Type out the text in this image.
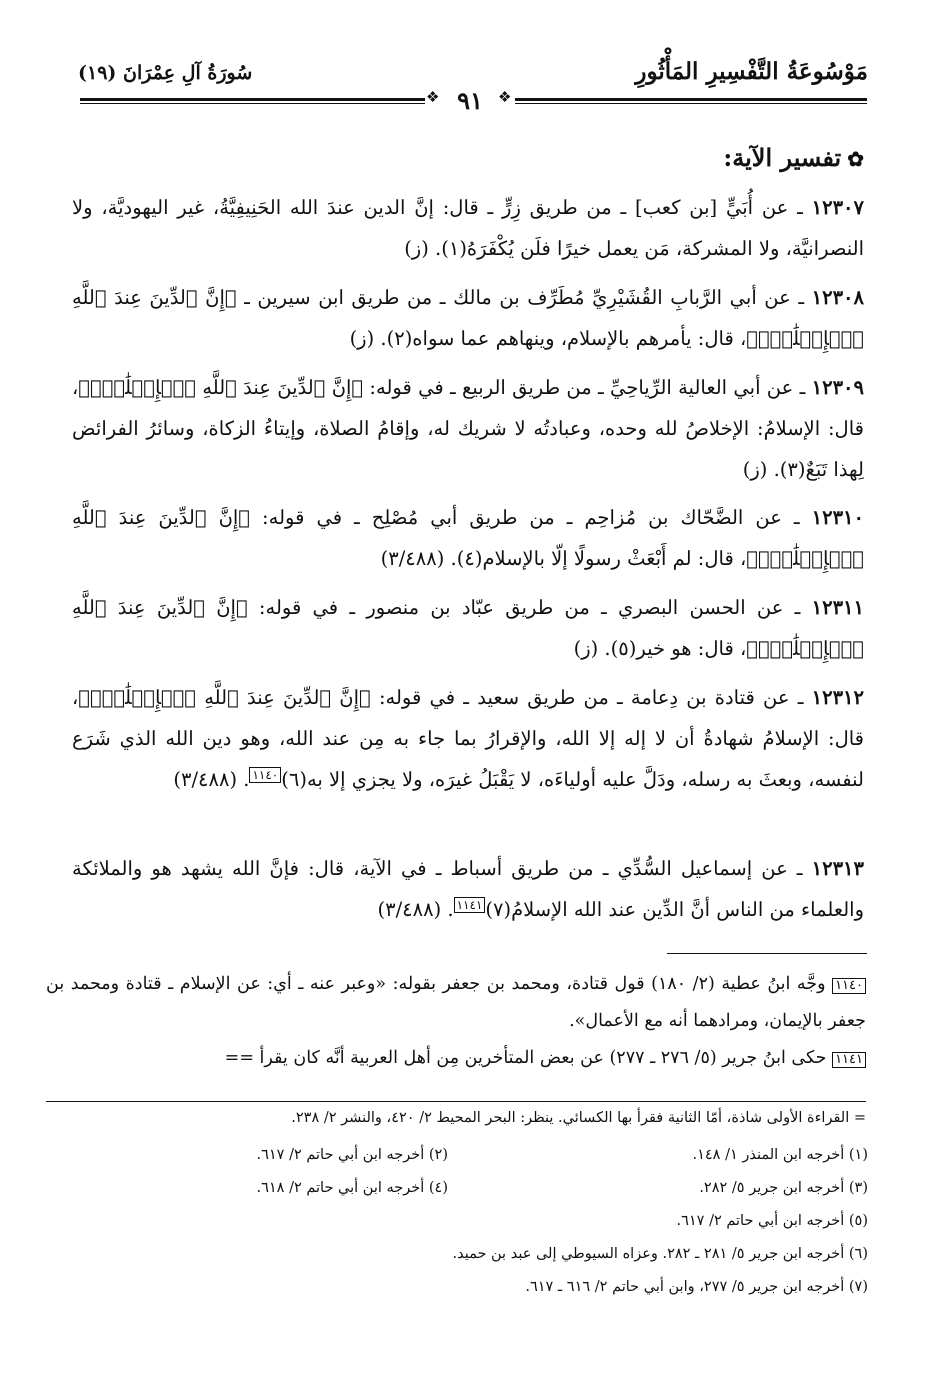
مَوْسُوعَةُ التَّفْسِيرِ المَأْثُورِ
سُورَةُ آلِ عِمْرَانَ (١٩)
❖	❖
٩١
✿تفسير الآية:
١٢٣٠٧ ـ عن أُبَيٍّ [بن كعب] ـ من طريق زِرٍّ ـ قال: إنَّ الدين عندَ الله الحَنِيفِيَّةُ، غير اليهوديَّة، ولا النصرانيَّة، ولا المشركة، مَن يعمل خيرًا فلَن يُكْفَرَهُ(١). (ز)
١٢٣٠٨ ـ عن أبي الرَّبابِ القُشَيْرِيِّ مُطَرِّف بن مالك ـ من طريق ابن سيرين ـ ﴿إِنَّ ٱلدِّينَ عِندَ ٱللَّهِ ٱلۡإِسۡلَٰمُۗ﴾، قال: يأمرهم بالإسلام، وينهاهم عما سواه(٢). (ز)
١٢٣٠٩ ـ عن أبي العالية الرِّياحِيِّ ـ من طريق الربيع ـ في قوله: ﴿إِنَّ ٱلدِّينَ عِندَ ٱللَّهِ ٱلۡإِسۡلَٰمُۗ﴾، قال: الإسلامُ: الإخلاصُ لله وحده، وعبادتُه لا شريك له، وإقامُ الصلاة، وإيتاءُ الزكاة، وسائرُ الفرائض لِهذا تَبَعٌ(٣). (ز)
١٢٣١٠ ـ عن الضَّحّاك بن مُزاحِم ـ من طريق أبي مُصْلِح ـ في قوله: ﴿إِنَّ ٱلدِّينَ عِندَ ٱللَّهِ ٱلۡإِسۡلَٰمُۗ﴾، قال: لم أَبْعَثْ رسولًا إلّا بالإسلام(٤). (٣/٤٨٨)
١٢٣١١ ـ عن الحسن البصري ـ من طريق عبّاد بن منصور ـ في قوله: ﴿إِنَّ ٱلدِّينَ عِندَ ٱللَّهِ ٱلۡإِسۡلَٰمُۗ﴾، قال: هو خير(٥). (ز)
١٢٣١٢ ـ عن قتادة بن دِعامة ـ من طريق سعيد ـ في قوله: ﴿إِنَّ ٱلدِّينَ عِندَ ٱللَّهِ ٱلۡإِسۡلَٰمُۗ﴾، قال: الإسلامُ شهادةُ أن لا إله إلا الله، والإقرارُ بما جاء به مِن عند الله، وهو دين الله الذي شَرَع لنفسه، وبعثَ به رسله، ودَلَّ عليه أولياءَه، لا يَقْبَلُ غيرَه، ولا يجزي إلا به(٦)١١٤٠. (٣/٤٨٨)
١٢٣١٣ ـ عن إسماعيل السُّدِّي ـ من طريق أسباط ـ في الآية، قال: فإنَّ الله يشهد هو والملائكة والعلماء من الناس أنَّ الدِّين عند الله الإسلامُ(٧)١١٤١. (٣/٤٨٨)
١١٤٠ وجَّه ابنُ عطية (٢/ ١٨٠) قول قتادة، ومحمد بن جعفر بقوله: «وعبر عنه ـ أي: عن الإسلام ـ قتادة ومحمد بن جعفر بالإيمان، ومرادهما أنه مع الأعمال».
١١٤١ حكى ابنُ جرير (٥/ ٢٧٦ ـ ٢٧٧) عن بعض المتأخرين مِن أهل العربية أنَّه كان يقرأ ==
= القراءة الأولى شاذة، أمّا الثانية فقرأ بها الكسائي. ينظر: البحر المحيط ٢/ ٤٢٠، والنشر ٢/ ٢٣٨.
(١) أخرجه ابن المنذر ١/ ١٤٨.
(٢) أخرجه ابن أبي حاتم ٢/ ٦١٧.
(٣) أخرجه ابن جرير ٥/ ٢٨٢.
(٤) أخرجه ابن أبي حاتم ٢/ ٦١٨.
(٥) أخرجه ابن أبي حاتم ٢/ ٦١٧.
(٦) أخرجه ابن جرير ٥/ ٢٨١ ـ ٢٨٢. وعزاه السيوطي إلى عبد بن حميد.
(٧) أخرجه ابن جرير ٥/ ٢٧٧، وابن أبي حاتم ٢/ ٦١٦ ـ ٦١٧.
